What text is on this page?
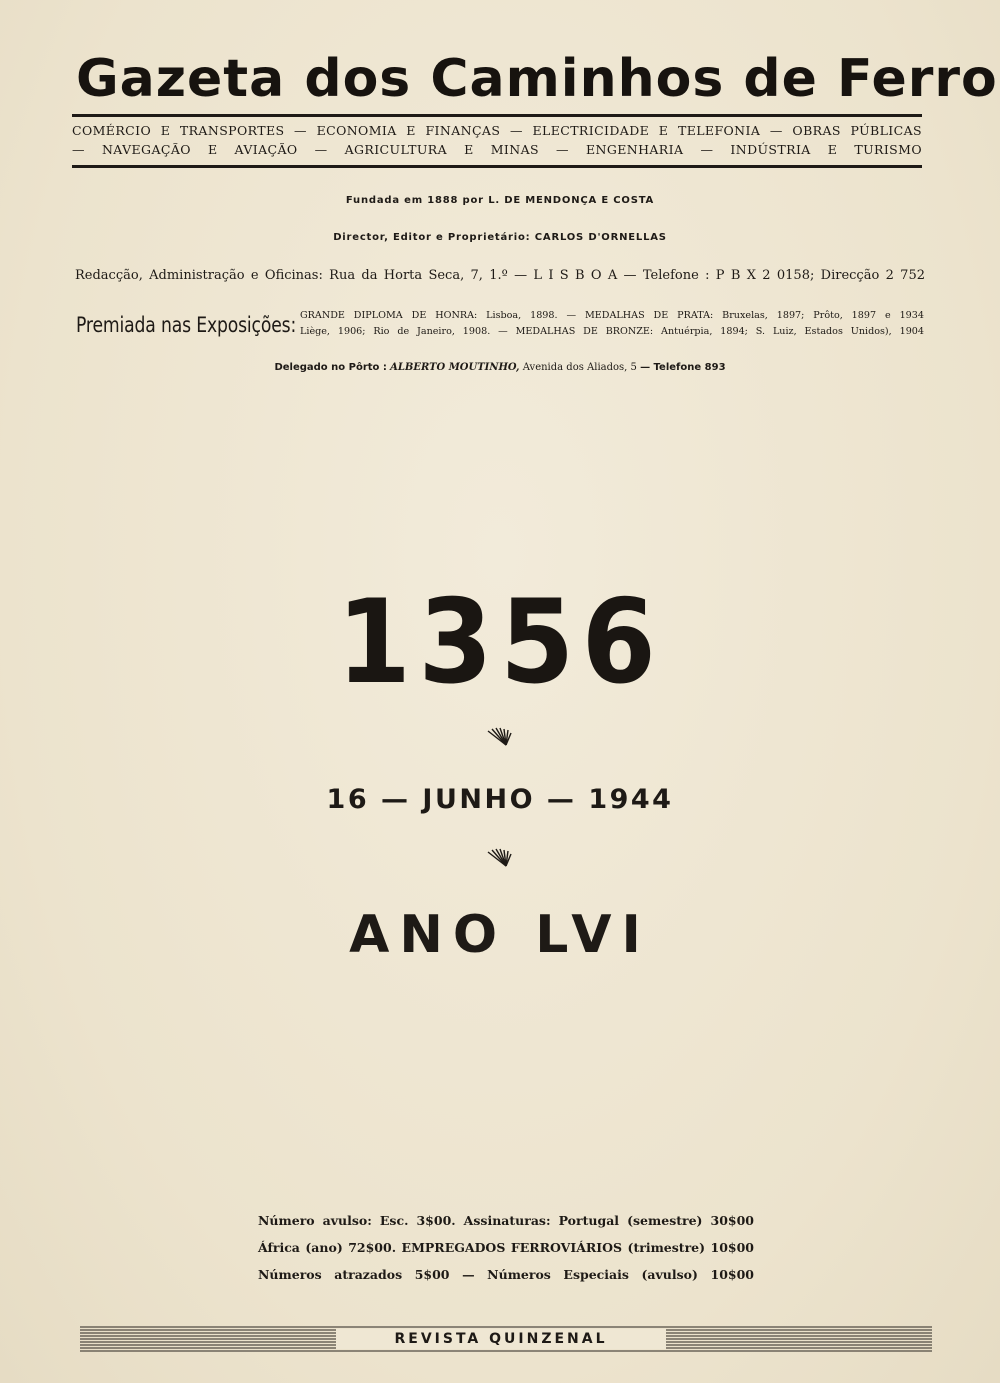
Gazeta dos Caminhos de Ferro
COMÉRCIO E TRANSPORTES — ECONOMIA E FINANÇAS — ELECTRICIDADE E TELEFONIA — OBRAS PÚBLICAS
— NAVEGAÇÃO E AVIAÇÃO — AGRICULTURA E MINAS — ENGENHARIA — INDÚSTRIA E TURISMO
Fundada em 1888 por L. DE MENDONÇA E COSTA
Director, Editor e Proprietário: CARLOS D'ORNELLAS
Redacção, Administração e Oficinas: Rua da Horta Seca, 7, 1.º — L I S B O A — Telefone : P B X 2 0158; Direcção 2 752
Premiada nas Exposições: GRANDE DIPLOMA DE HONRA: Lisboa, 1898. — MEDALHAS DE PRATA: Bruxelas, 1897; Prôto, 1897 e 1934
Liège, 1906; Rio de Janeiro, 1908. — MEDALHAS DE BRONZE: Antuérpia, 1894; S. Luiz, Estados Unidos), 1904
Delegado no Pôrto : ALBERTO MOUTINHO, Avenida dos Aliados, 5 — Telefone 893
1356
16 — JUNHO — 1944
ANO LVI
Número avulso: Esc. 3$00. Assinaturas: Portugal (semestre) 30$00
África (ano) 72$00. EMPREGADOS FERROVIÁRIOS (trimestre) 10$00
Números atrazados 5$00 — Números Especiais (avulso) 10$00
REVISTA QUINZENAL
